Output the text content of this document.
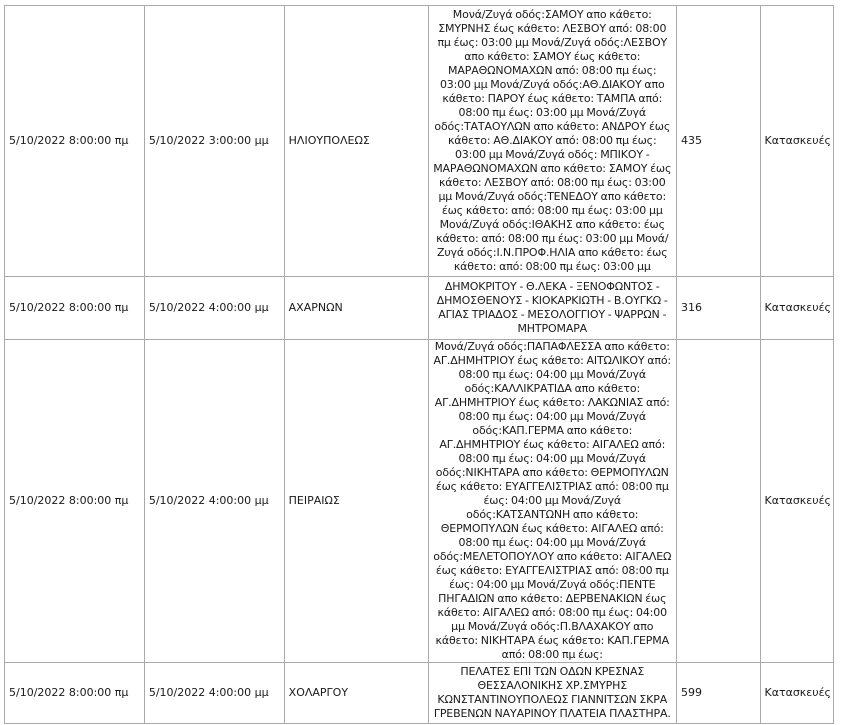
5/10/2022 8:00:00 πμ	5/10/2022 3:00:00 μμ	ΗΛΙΟΥΠΟΛΕΩΣ	Μονά/Ζυγά οδός:ΣΑΜΟΥ απο κάθετο: ΣΜΥΡΝΗΣ έως κάθετο: ΛΕΣΒΟΥ από: 08:00 πμ έως: 03:00 μμ Μονά/Ζυγά οδός:ΛΕΣΒΟΥ απο κάθετο: ΣΑΜΟΥ έως κάθετο: ΜΑΡΑΘΩΝΟΜΑΧΩΝ από: 08:00 πμ έως: 03:00 μμ Μονά/Ζυγά οδός:ΑΘ.ΔΙΑΚΟΥ απο κάθετο: ΠΑΡΟΥ έως κάθετο: ΤΑΜΠΑ από: 08:00 πμ έως: 03:00 μμ Μονά/Ζυγά οδός:ΤΑΤΑΟΥΛΩΝ απο κάθετο: ΑΝΔΡΟΥ έως κάθετο: ΑΘ.ΔΙΑΚΟΥ από: 08:00 πμ έως: 03:00 μμ Μονά/Ζυγά οδός: ΜΠΙΚΟΥ - ΜΑΡΑΘΩΝΟΜΑΧΩΝ απο κάθετο: ΣΑΜΟΥ έως κάθετο: ΛΕΣΒΟΥ από: 08:00 πμ έως: 03:00 μμ Μονά/Ζυγά οδός:ΤΕΝΕΔΟΥ απο κάθετο: έως κάθετο: από: 08:00 πμ έως: 03:00 μμ Μονά/Ζυγά οδός:ΙΘΑΚΗΣ απο κάθετο: έως κάθετο: από: 08:00 πμ έως: 03:00 μμ Μονά/Ζυγά οδός:Ι.Ν.ΠΡΟΦ.ΗΛΙΑ απο κάθετο: έως κάθετο: από: 08:00 πμ έως: 03:00 μμ	435	Κατασκευές
5/10/2022 8:00:00 πμ	5/10/2022 4:00:00 μμ	ΑΧΑΡΝΩΝ	ΔΗΜΟΚΡΙΤΟΥ - Θ.ΛΕΚΑ - ΞΕΝΟΦΩΝΤΟΣ - ΔΗΜΟΣΘΕΝΟΥΣ - ΚΙΟΚΑΡΚΙΩΤΗ - Β.ΟΥΓΚΩ - ΑΓΙΑΣ ΤΡΙΑΔΟΣ - ΜΕΣΟΛΟΓΓΙΟΥ - ΨΑΡΡΩΝ - ΜΗΤΡΟΜΑΡΑ	316	Κατασκευές
5/10/2022 8:00:00 πμ	5/10/2022 4:00:00 μμ	ΠΕΙΡΑΙΩΣ	Μονά/Ζυγά οδός:ΠΑΠΑΦΛΕΣΣΑ απο κάθετο: ΑΓ.ΔΗΜΗΤΡΙΟΥ έως κάθετο: ΑΙΤΩΛΙΚΟΥ από: 08:00 πμ έως: 04:00 μμ Μονά/Ζυγά οδός:ΚΑΛΛΙΚΡΑΤΙΔΑ απο κάθετο: ΑΓ.ΔΗΜΗΤΡΙΟΥ έως κάθετο: ΛΑΚΩΝΙΑΣ από: 08:00 πμ έως: 04:00 μμ Μονά/Ζυγά οδός:ΚΑΠ.ΓΕΡΜΑ απο κάθετο: ΑΓ.ΔΗΜΗΤΡΙΟΥ έως κάθετο: ΑΙΓΑΛΕΩ από: 08:00 πμ έως: 04:00 μμ Μονά/Ζυγά οδός:ΝΙΚΗΤΑΡΑ απο κάθετο: ΘΕΡΜΟΠΥΛΩΝ έως κάθετο: ΕΥΑΓΓΕΛΙΣΤΡΙΑΣ από: 08:00 πμ έως: 04:00 μμ Μονά/Ζυγά οδός:ΚΑΤΣΑΝΤΩΝΗ απο κάθετο: ΘΕΡΜΟΠΥΛΩΝ έως κάθετο: ΑΙΓΑΛΕΩ από: 08:00 πμ έως: 04:00 μμ Μονά/Ζυγά οδός:ΜΕΛΕΤΟΠΟΥΛΟΥ απο κάθετο: ΑΙΓΑΛΕΩ έως κάθετο: ΕΥΑΓΓΕΛΙΣΤΡΙΑΣ από: 08:00 πμ έως: 04:00 μμ Μονά/Ζυγά οδός:ΠΕΝΤΕ ΠΗΓΑΔΙΩΝ απο κάθετο: ΔΕΡΒΕΝΑΚΙΩΝ έως κάθετο: ΑΙΓΑΛΕΩ από: 08:00 πμ έως: 04:00 μμ Μονά/Ζυγά οδός:Π.ΒΛΑΧΑΚΟΥ απο κάθετο: ΝΙΚΗΤΑΡΑ έως κάθετο: ΚΑΠ.ΓΕΡΜΑ από: 08:00 πμ έως:		Κατασκευές
5/10/2022 8:00:00 πμ	5/10/2022 4:00:00 μμ	ΧΟΛΑΡΓΟΥ	ΠΕΛΑΤΕΣ ΕΠΙ ΤΩΝ ΟΔΩΝ ΚΡΕΣΝΑΣ ΘΕΣΣΑΛΟΝΙΚΗΣ ΧΡ.ΣΜΥΡΗΣ ΚΩΝΣΤΑΝΤΙΝΟΥΠΟΛΕΩΣ ΓΙΑΝΝΙΤΣΩΝ ΣΚΡΑ ΓΡΕΒΕΝΩΝ ΝΑΥΑΡΙΝΟΥ ΠΛΑΤΕΙΑ ΠΛΑΣΤΗΡΑ.	599	Κατασκευές
